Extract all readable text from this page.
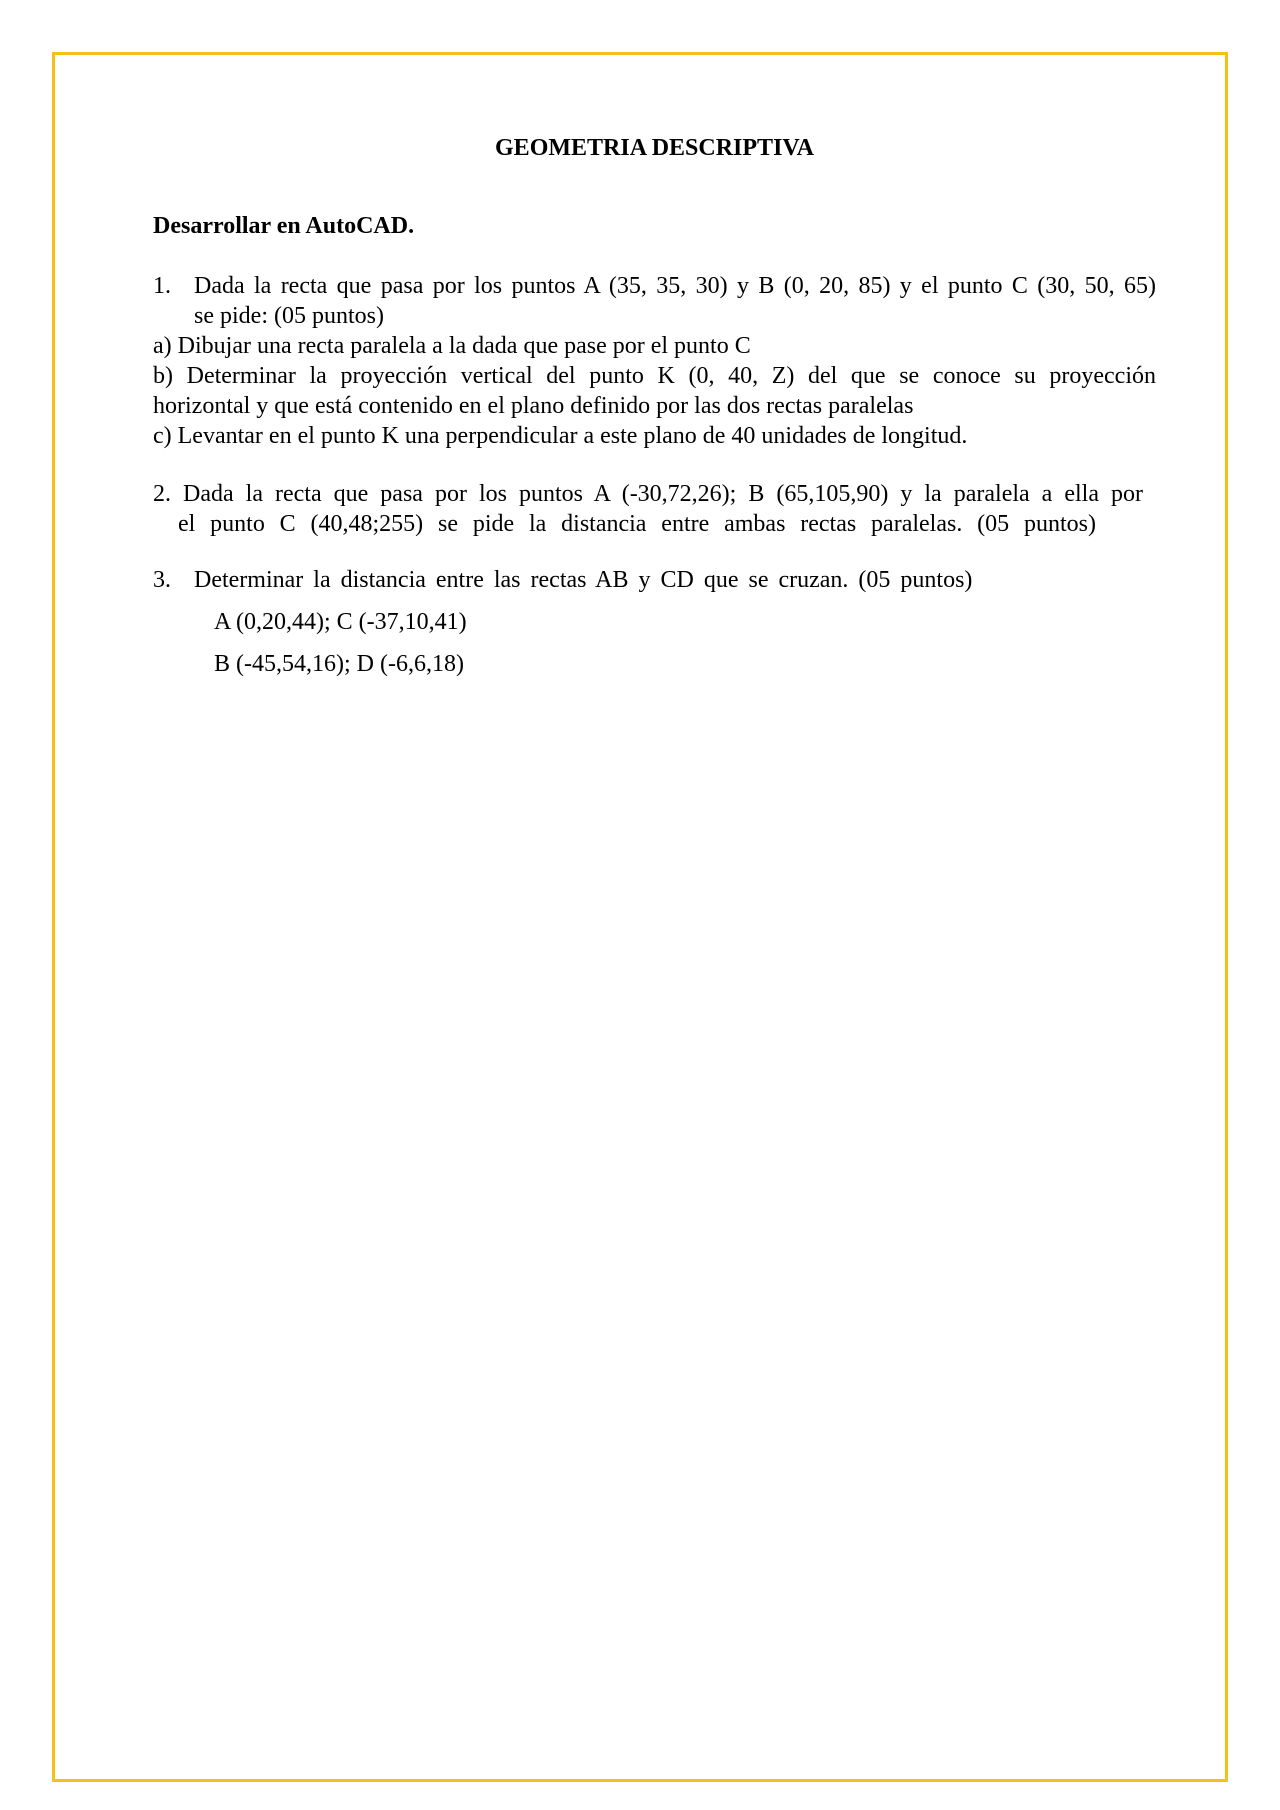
GEOMETRIA DESCRIPTIVA
Desarrollar en AutoCAD.
1. Dada la recta que pasa por los puntos A (35, 35, 30) y B (0, 20, 85) y el punto C (30, 50, 65)
se pide: (05 puntos)
a) Dibujar una recta paralela a la dada que pase por el punto C
b) Determinar la proyección vertical del punto K (0, 40, Z) del que se conoce su proyección
horizontal y que está contenido en el plano definido por las dos rectas paralelas
c) Levantar en el punto K una perpendicular a este plano de 40 unidades de longitud.
2. Dada la recta que pasa por los puntos A (-30,72,26); B (65,105,90) y la paralela a ella por
el punto C (40,48;255) se pide la distancia entre ambas rectas paralelas. (05 puntos)
3. Determinar la distancia entre las rectas AB y CD que se cruzan. (05 puntos)
A (0,20,44); C (-37,10,41)
B (-45,54,16); D (-6,6,18)
